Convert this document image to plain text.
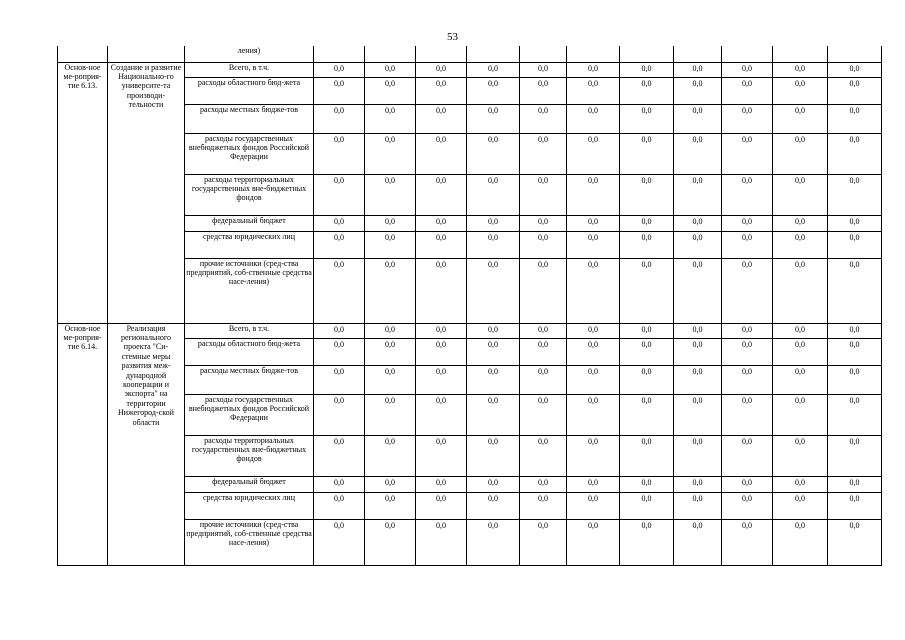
53
		ления)											
Основ-ное ме-роприя-тие 6.13.	Создание и развитие Национально-го университе-та производи-тельности	Всего, в т.ч.	0,0	0,0	0,0	0,0	0,0	0,0	0,0	0,0	0,0	0,0	0,0
		расходы областного бюд-жета	0,0	0,0	0,0	0,0	0,0	0,0	0,0	0,0	0,0	0,0	0,0
		расходы местных бюдже-тов	0,0	0,0	0,0	0,0	0,0	0,0	0,0	0,0	0,0	0,0	0,0
		расходы государственных внебюджетных фондов Российской Федерации	0,0	0,0	0,0	0,0	0,0	0,0	0,0	0,0	0,0	0,0	0,0
		расходы территориальных государственных вне-бюджетных фондов	0,0	0,0	0,0	0,0	0,0	0,0	0,0	0,0	0,0	0,0	0,0
		федеральный бюджет	0,0	0,0	0,0	0,0	0,0	0,0	0,0	0,0	0,0	0,0	0,0
		средства юридических лиц	0,0	0,0	0,0	0,0	0,0	0,0	0,0	0,0	0,0	0,0	0,0
		прочие источники (сред-ства предприятий, соб-ственные средства насе-ления)	0,0	0,0	0,0	0,0	0,0	0,0	0,0	0,0	0,0	0,0	0,0
Основ-ное ме-роприя-тие 6.14.	Реализация регионального проекта "Си-стемные меры развития меж-дународной кооперации и экспорта" на территории Нижегород-ской области	Всего, в т.ч.	0,0	0,0	0,0	0,0	0,0	0,0	0,0	0,0	0,0	0,0	0,0
		расходы областного бюд-жета	0,0	0,0	0,0	0,0	0,0	0,0	0,0	0,0	0,0	0,0	0,0
		расходы местных бюдже-тов	0,0	0,0	0,0	0,0	0,0	0,0	0,0	0,0	0,0	0,0	0,0
		расходы государственных внебюджетных фондов Российской Федерации	0,0	0,0	0,0	0,0	0,0	0,0	0,0	0,0	0,0	0,0	0,0
		расходы территориальных государственных вне-бюджетных фондов	0,0	0,0	0,0	0,0	0,0	0,0	0,0	0,0	0,0	0,0	0,0
		федеральный бюджет	0,0	0,0	0,0	0,0	0,0	0,0	0,0	0,0	0,0	0,0	0,0
		средства юридических лиц	0,0	0,0	0,0	0,0	0,0	0,0	0,0	0,0	0,0	0,0	0,0
		прочие источники (сред-ства предприятий, соб-ственные средства насе-ления)	0,0	0,0	0,0	0,0	0,0	0,0	0,0	0,0	0,0	0,0	0,0
